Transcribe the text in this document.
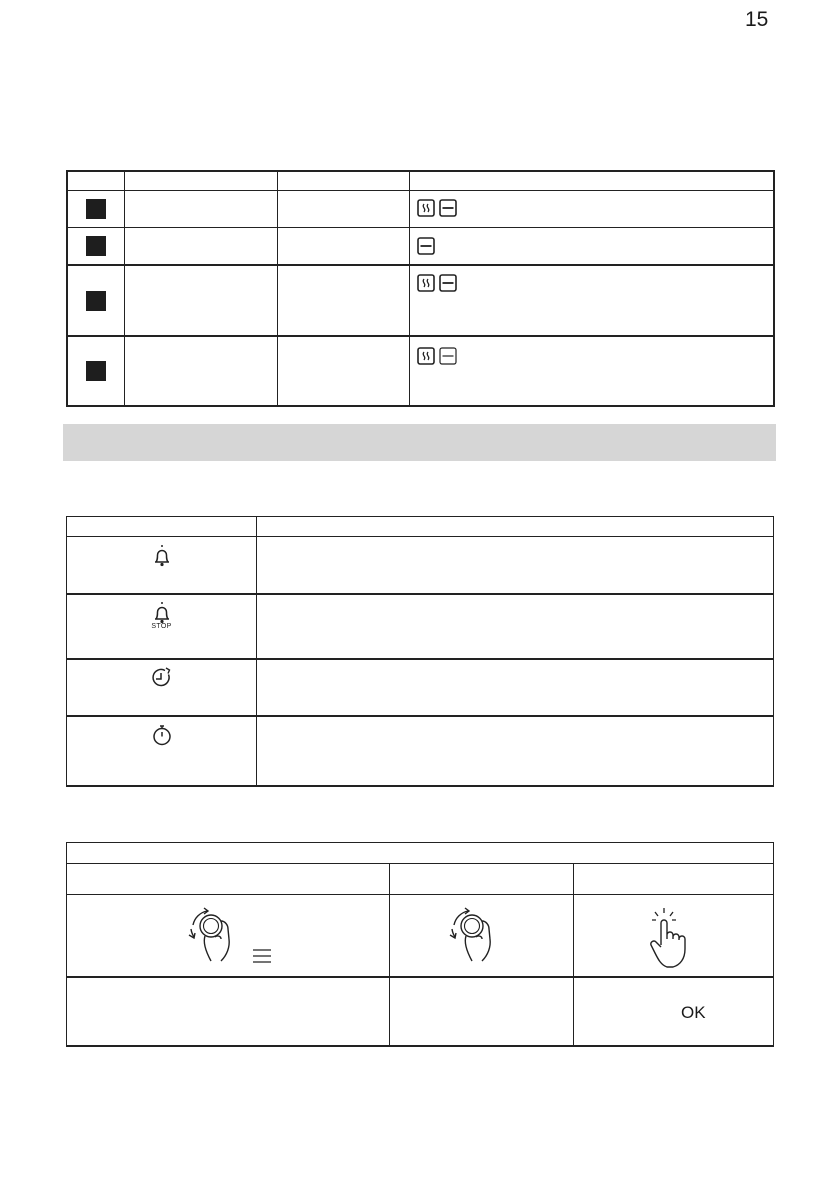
15

STOP	

		OK
